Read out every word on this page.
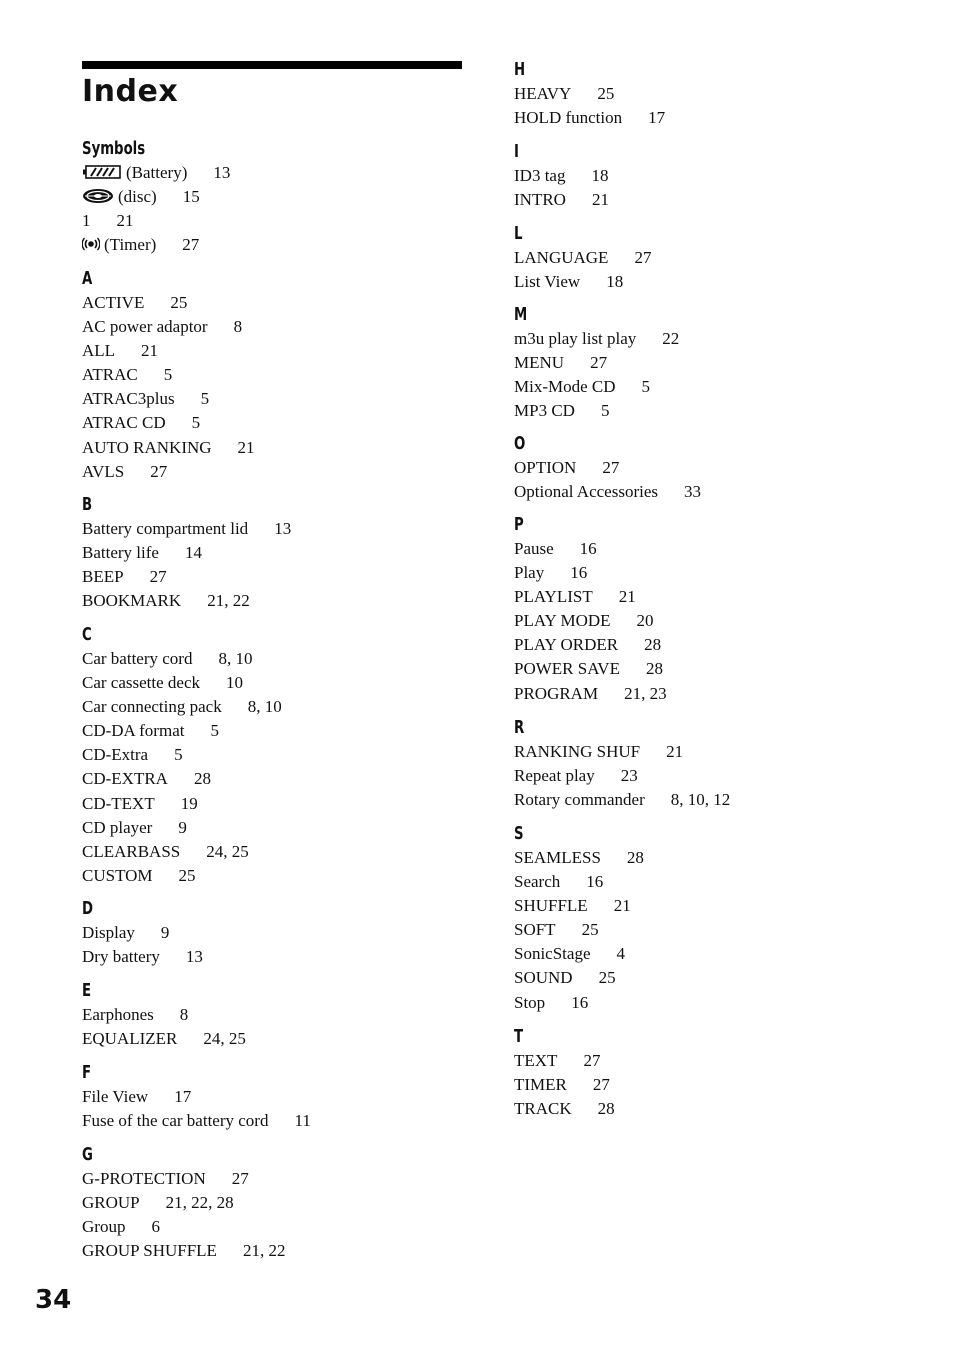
Index
Symbols
(Battery) 13
(disc) 15
1 21
(Timer) 27
A
ACTIVE 25
AC power adaptor 8
ALL 21
ATRAC 5
ATRAC3plus 5
ATRAC CD 5
AUTO RANKING 21
AVLS 27
B
Battery compartment lid 13
Battery life 14
BEEP 27
BOOKMARK 21, 22
C
Car battery cord 8, 10
Car cassette deck 10
Car connecting pack 8, 10
CD-DA format 5
CD-Extra 5
CD-EXTRA 28
CD-TEXT 19
CD player 9
CLEARBASS 24, 25
CUSTOM 25
D
Display 9
Dry battery 13
E
Earphones 8
EQUALIZER 24, 25
F
File View 17
Fuse of the car battery cord 11
G
G-PROTECTION 27
GROUP 21, 22, 28
Group 6
GROUP SHUFFLE 21, 22
H
HEAVY 25
HOLD function 17
I
ID3 tag 18
INTRO 21
L
LANGUAGE 27
List View 18
M
m3u play list play 22
MENU 27
Mix-Mode CD 5
MP3 CD 5
O
OPTION 27
Optional Accessories 33
P
Pause 16
Play 16
PLAYLIST 21
PLAY MODE 20
PLAY ORDER 28
POWER SAVE 28
PROGRAM 21, 23
R
RANKING SHUF 21
Repeat play 23
Rotary commander 8, 10, 12
S
SEAMLESS 28
Search 16
SHUFFLE 21
SOFT 25
SonicStage 4
SOUND 25
Stop 16
T
TEXT 27
TIMER 27
TRACK 28
34
